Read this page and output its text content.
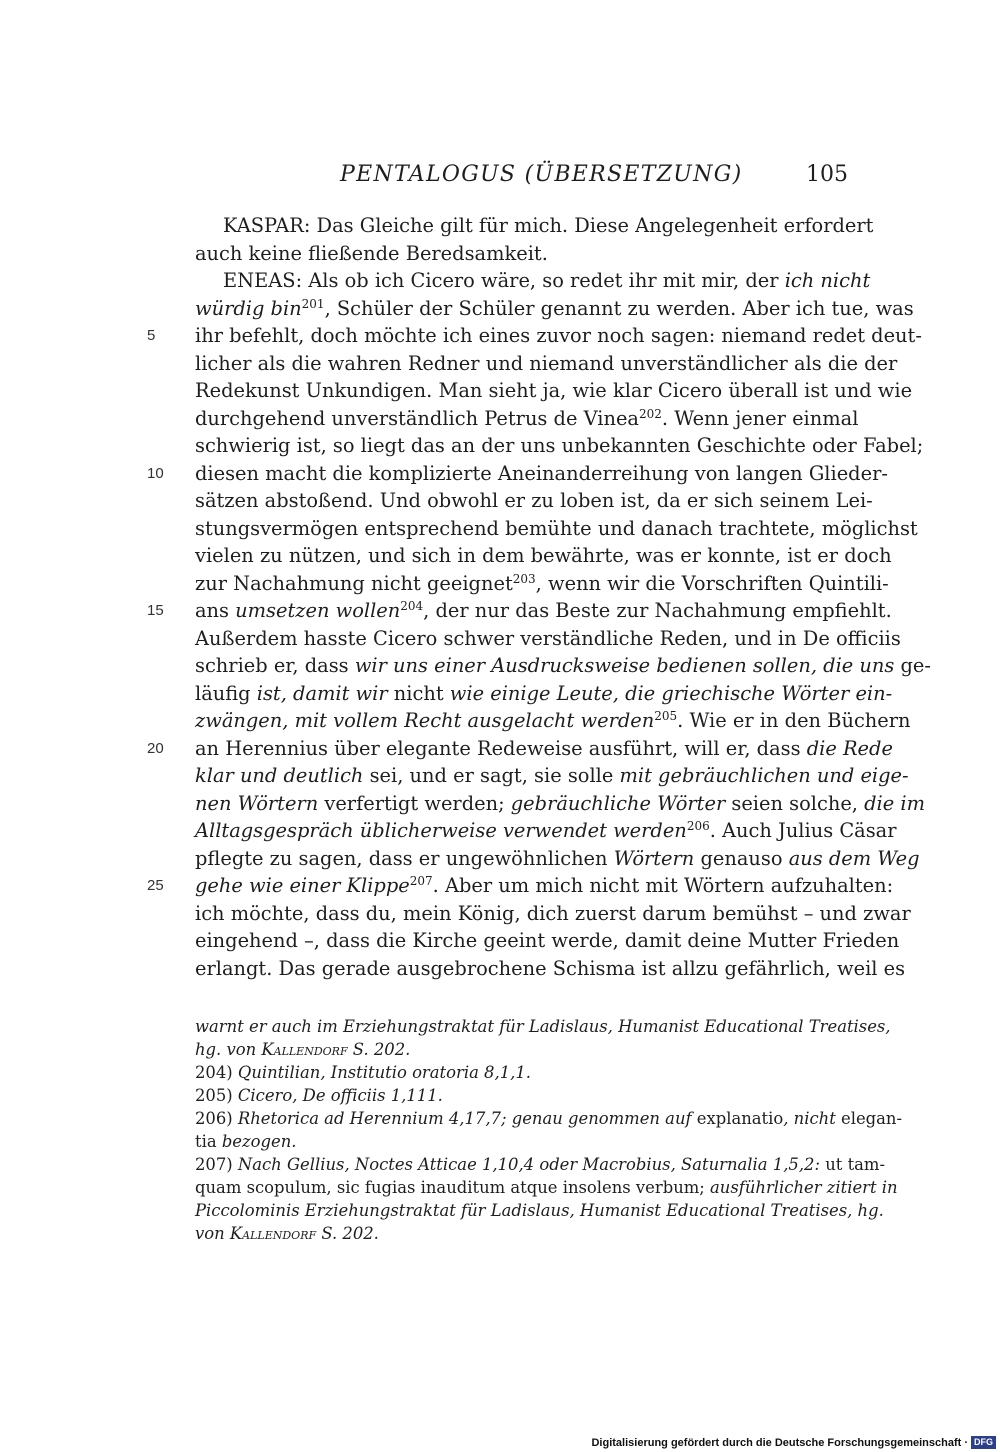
PENTALOGUS (ÜBERSETZUNG)	105
KASPAR: Das Gleiche gilt für mich. Diese Angelegenheit erfordert
auch keine fließende Beredsamkeit.
ENEAS: Als ob ich Cicero wäre, so redet ihr mit mir, der ich nicht
würdig bin$^{201}$, Schüler der Schüler genannt zu werden. Aber ich tue, was
5 ihr befehlt, doch möchte ich eines zuvor noch sagen: niemand redet deut-
licher als die wahren Redner und niemand unverständlicher als die der
Redekunst Unkundigen. Man sieht ja, wie klar Cicero überall ist und wie
durchgehend unverständlich Petrus de Vinea$^{202}$. Wenn jener einmal
schwierig ist, so liegt das an der uns unbekannten Geschichte oder Fabel;
10 diesen macht die komplizierte Aneinanderreihung von langen Glieder-
sätzen abstoßend. Und obwohl er zu loben ist, da er sich seinem Lei-
stungsvermögen entsprechend bemühte und danach trachtete, möglichst
vielen zu nützen, und sich in dem bewährte, was er konnte, ist er doch
zur Nachahmung nicht geeignet$^{203}$, wenn wir die Vorschriften Quintili-
15 ans umsetzen wollen$^{204}$, der nur das Beste zur Nachahmung empfiehlt.
Außerdem hasste Cicero schwer verständliche Reden, und in De officiis
schrieb er, dass wir uns einer Ausdrucksweise bedienen sollen, die uns ge-
läufig ist, damit wir nicht wie einige Leute, die griechische Wörter ein-
zwängen, mit vollem Recht ausgelacht werden$^{205}$. Wie er in den Büchern
20 an Herennius über elegante Redeweise ausführt, will er, dass die Rede
klar und deutlich sei, und er sagt, sie solle mit gebräuchlichen und eige-
nen Wörtern verfertigt werden; gebräuchliche Wörter seien solche, die im
Alltagsgespräch üblicherweise verwendet werden$^{206}$. Auch Julius Cäsar
pflegte zu sagen, dass er ungewöhnlichen Wörtern genauso aus dem Weg
25 gehe wie einer Klippe$^{207}$. Aber um mich nicht mit Wörtern aufzuhalten:
ich möchte, dass du, mein König, dich zuerst darum bemühst – und zwar
eingehend –, dass die Kirche geeint werde, damit deine Mutter Frieden
erlangt. Das gerade ausgebrochene Schisma ist allzu gefährlich, weil es
warnt er auch im Erziehungstraktat für Ladislaus, Humanist Educational Treatises,
hg. von Kallendorf S. 202.
204) Quintilian, Institutio oratoria 8,1,1.
205) Cicero, De officiis 1,111.
206) Rhetorica ad Herennium 4,17,7; genau genommen auf explanatio, nicht elegan-
tia bezogen.
207) Nach Gellius, Noctes Atticae 1,10,4 oder Macrobius, Saturnalia 1,5,2: ut tam-
quam scopulum, sic fugias inauditum atque insolens verbum; ausführlicher zitiert in
Piccolominis Erziehungstraktat für Ladislaus, Humanist Educational Treatises, hg.
von Kallendorf S. 202.
Digitalisierung gefördert durch die Deutsche Forschungsgemeinschaft · DFG
